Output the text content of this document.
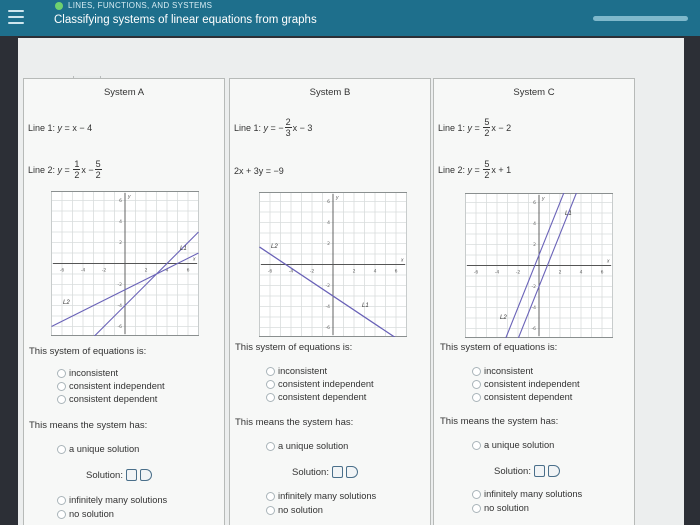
LINES, FUNCTIONS, AND SYSTEMS
Classifying systems of linear equations from graphs
System A
Line 1:
y = x − 4
Line 2:
$y = \frac{1}{2}$ $x - \frac{5}{2}$
-6	-4	-2	2	4	6
6
4
2
-2
-4
-6
x
y
L1
L2
This system of equations is:
inconsistent
consistent independent
consistent dependent
This means the system has:
a unique solution
Solution:
infinitely many solutions
no solution
System B
Line 1:
y = − $\frac{2}{3}$ x − 3
2x + 3y = −9
-6	-4	-2	2	4	6
6
4
2
-2
-4
-6
x
y
L1
L2
This system of equations is:
inconsistent
consistent independent
consistent dependent
This means the system has:
a unique solution
Solution:
infinitely many solutions
no solution
System C
Line 1:
$y = \frac{5}{2}$ x − 2
Line 2:
$y = \frac{5}{2}$ x + 1
-6	-4	-2	2	4	6
6
4
2
-2
-4
-6
x
y
L1
L2
This system of equations is:
inconsistent
consistent independent
consistent dependent
This means the system has:
a unique solution
Solution:
infinitely many solutions
no solution
